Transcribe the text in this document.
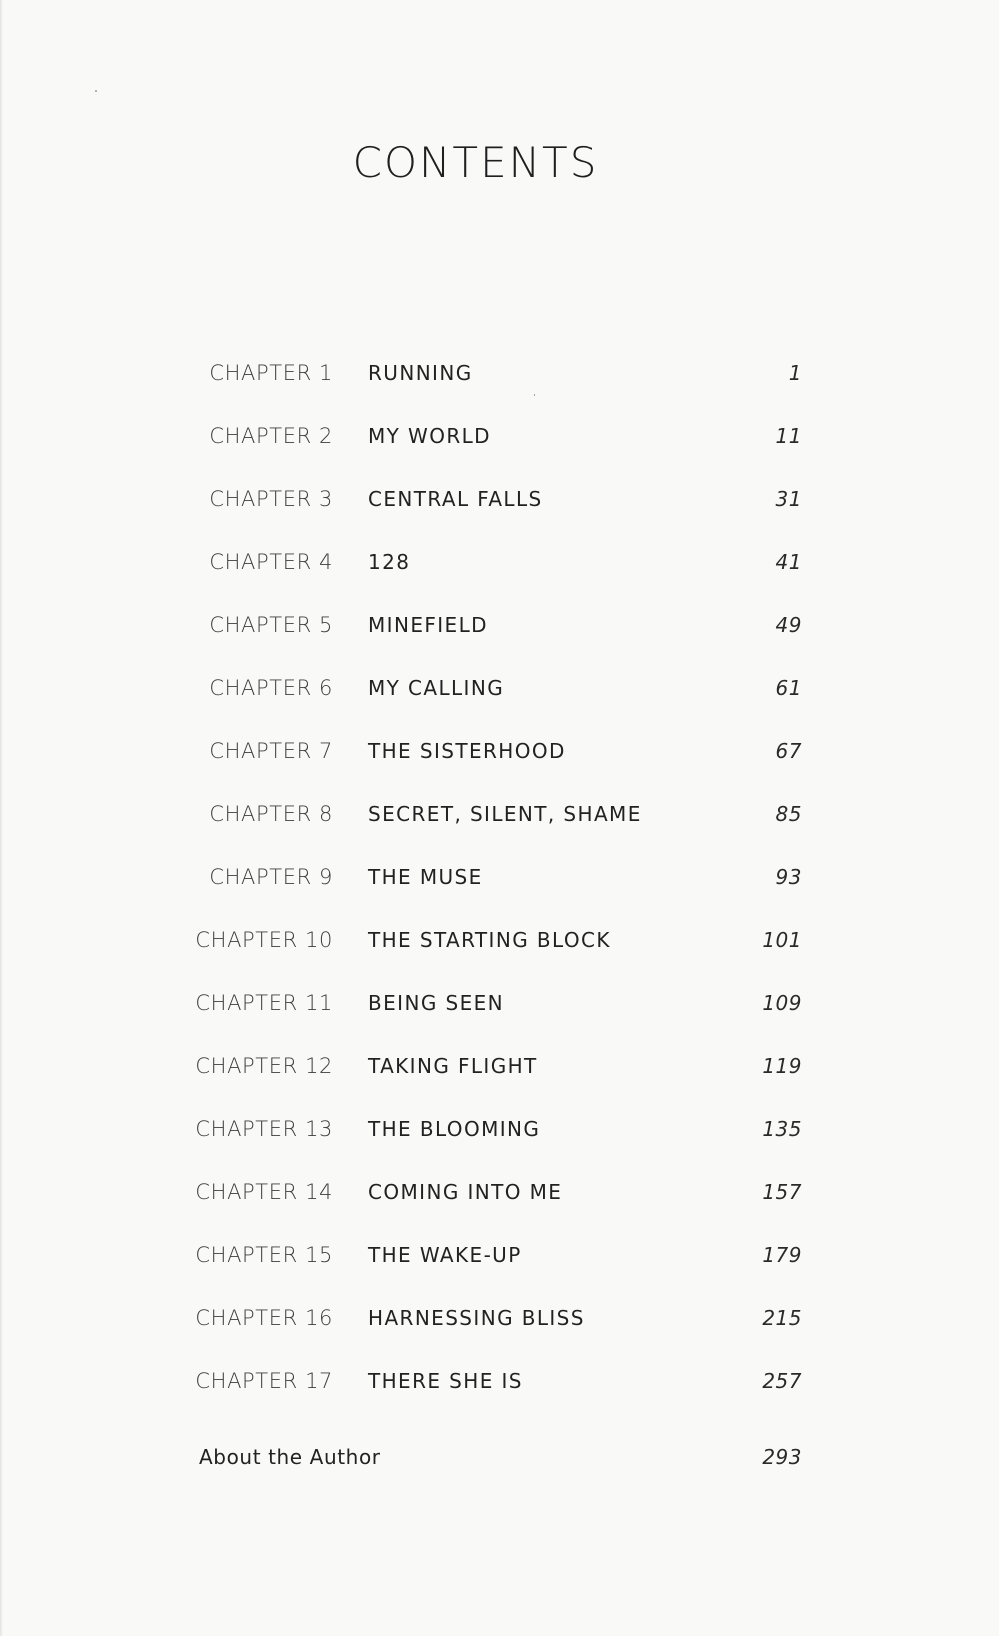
CONTENTS
CHAPTER 1 RUNNING	1
CHAPTER 2 MY WORLD	11
CHAPTER 3 CENTRAL FALLS	31
CHAPTER 4 128	41
CHAPTER 5 MINEFIELD	49
CHAPTER 6 MY CALLING	61
CHAPTER 7 THE SISTERHOOD	67
CHAPTER 8 SECRET, SILENT, SHAME	85
CHAPTER 9 THE MUSE	93
CHAPTER 10 THE STARTING BLOCK	101
CHAPTER 11 BEING SEEN	109
CHAPTER 12 TAKING FLIGHT	119
CHAPTER 13 THE BLOOMING	135
CHAPTER 14 COMING INTO ME	157
CHAPTER 15 THE WAKE-UP	179
CHAPTER 16 HARNESSING BLISS	215
CHAPTER 17 THERE SHE IS	257
About the Author	293
